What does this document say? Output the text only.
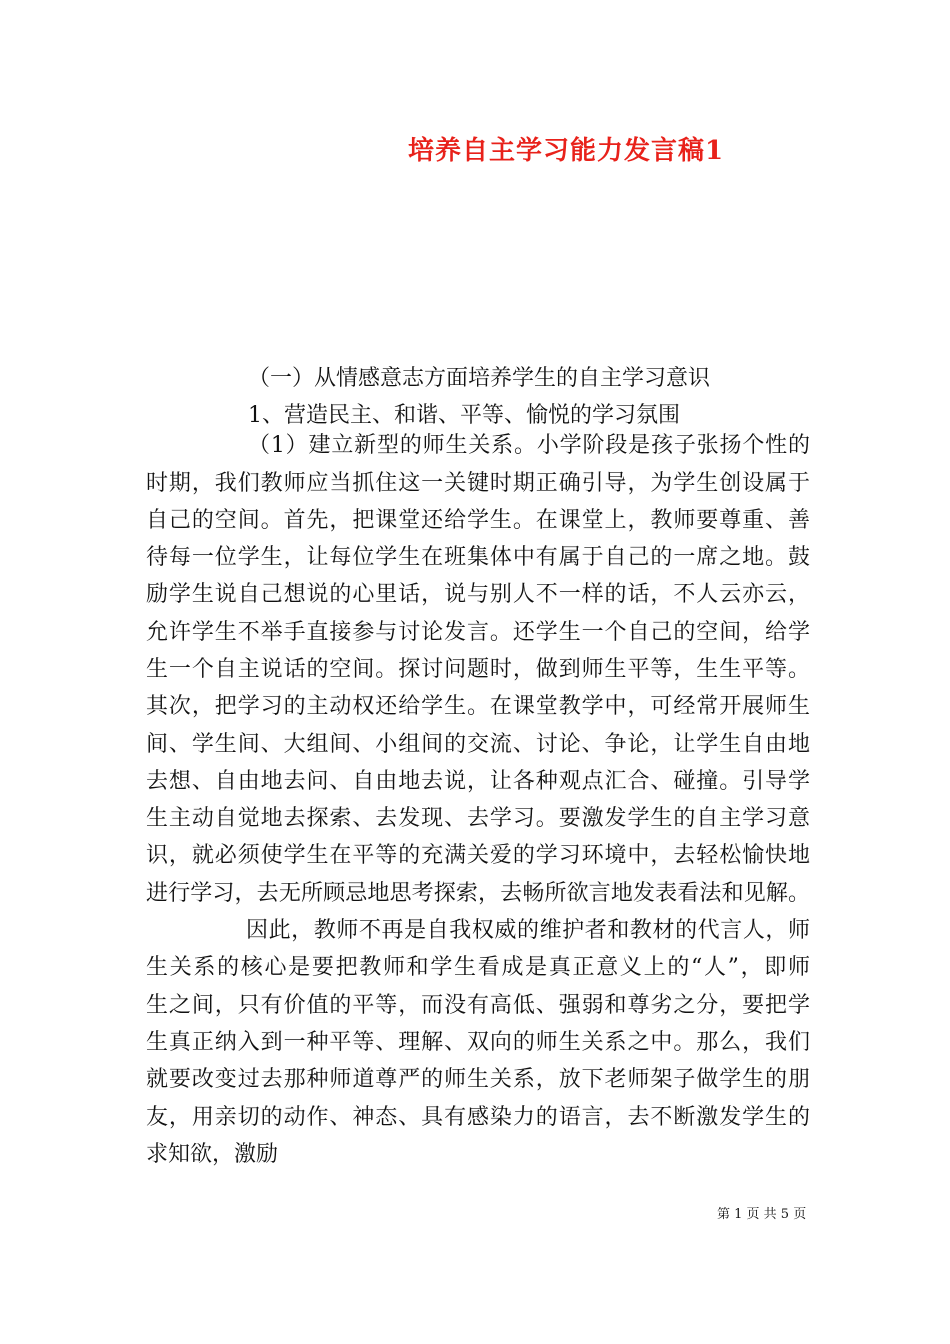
培养自主学习能力发言稿1
（一）从情感意志方面培养学生的自主学习意识
1、营造民主、和谐、平等、愉悦的学习氛围
（1）建立新型的师生关系。小学阶段是孩子张扬个性的
时期，我们教师应当抓住这一关键时期正确引导，为学生创设属于
自己的空间。首先，把课堂还给学生。在课堂上，教师要尊重、善
待每一位学生，让每位学生在班集体中有属于自己的一席之地。鼓
励学生说自己想说的心里话，说与别人不一样的话，不人云亦云，
允许学生不举手直接参与讨论发言。还学生一个自己的空间，给学
生一个自主说话的空间。探讨问题时，做到师生平等，生生平等。
其次，把学习的主动权还给学生。在课堂教学中，可经常开展师生
间、学生间、大组间、小组间的交流、讨论、争论，让学生自由地
去想、自由地去问、自由地去说，让各种观点汇合、碰撞。引导学
生主动自觉地去探索、去发现、去学习。要激发学生的自主学习意
识，就必须使学生在平等的充满关爱的学习环境中，去轻松愉快地
进行学习，去无所顾忌地思考探索，去畅所欲言地发表看法和见解。
因此，教师不再是自我权威的维护者和教材的代言人，师
生关系的核心是要把教师和学生看成是真正意义上的“人”，即师
生之间，只有价值的平等，而没有高低、强弱和尊劣之分，要把学
生真正纳入到一种平等、理解、双向的师生关系之中。那么，我们
就要改变过去那种师道尊严的师生关系，放下老师架子做学生的朋
友，用亲切的动作、神态、具有感染力的语言，去不断激发学生的
求知欲，激励
第 1 页 共 5 页
